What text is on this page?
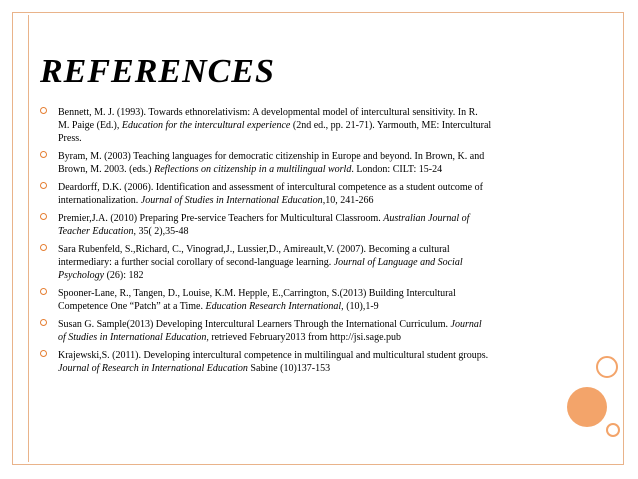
REFERENCES
Bennett, M. J. (1993). Towards ethnorelativism: A developmental model of intercultural sensitivity. In R.
M. Paige (Ed.), Education for the intercultural experience (2nd ed., pp. 21-71). Yarmouth, ME: Intercultural
Press.
Byram, M. (2003) Teaching languages for democratic citizenship in Europe and beyond. In Brown, K. and
Brown, M. 2003. (eds.) Reflections on citizenship in a multilingual world. London: CILT: 15-24
Deardorff, D.K. (2006). Identification and assessment of intercultural competence as a student outcome of
internationalization. Journal of Studies in International Education,10, 241-266
Premier,J.A. (2010) Preparing Pre-service Teachers for Multicultural Classroom. Australian Journal of
Teacher Education, 35( 2),35-48
Sara Rubenfeld, S.,Richard, C., Vinograd,J., Lussier,D., Amireault,V. (2007). Becoming a cultural
intermediary: a further social corollary of second-language learning. Journal of Language and Social
Psychology (26): 182
Spooner-Lane, R., Tangen, D., Louise, K.M. Hepple, E.,Carrington, S.(2013) Building Intercultural
Competence One “Patch” at a Time. Education Research International, (10),1-9
Susan G. Sample(2013) Developing Intercultural Learners Through the International Curriculum. Journal
of Studies in International Education, retrieved February2013 from http://jsi.sage.pub
Krajewski,S. (2011). Developing intercultural competence in multilingual and multicultural student groups.
Journal of Research in International Education Sabine (10)137-153
